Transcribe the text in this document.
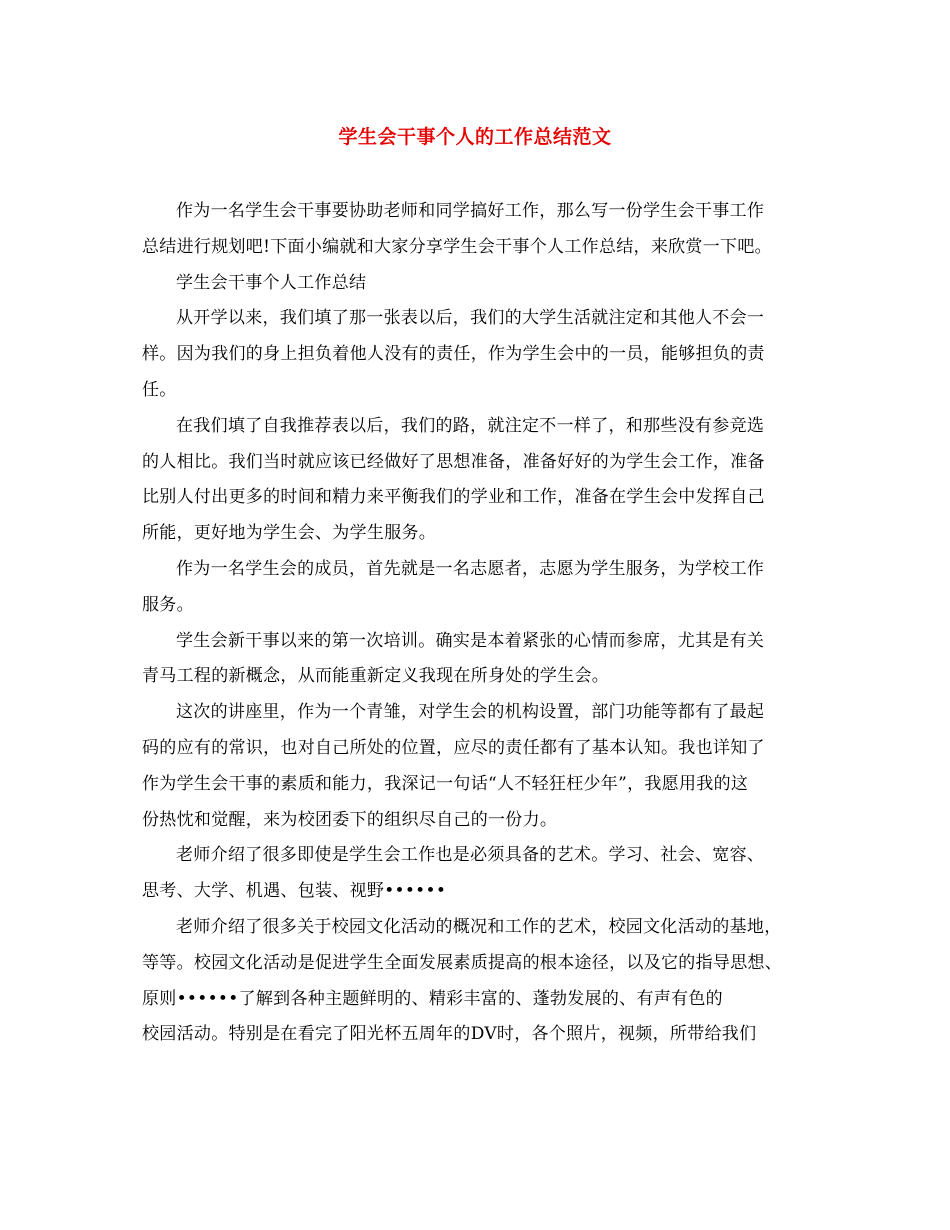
学生会干事个人的工作总结范文
作为一名学生会干事要协助老师和同学搞好工作，那么写一份学生会干事工作
总结进行规划吧!下面小编就和大家分享学生会干事个人工作总结，来欣赏一下吧。
学生会干事个人工作总结
从开学以来，我们填了那一张表以后，我们的大学生活就注定和其他人不会一
样。因为我们的身上担负着他人没有的责任，作为学生会中的一员，能够担负的责
任。
在我们填了自我推荐表以后，我们的路，就注定不一样了，和那些没有参竞选
的人相比。我们当时就应该已经做好了思想准备，准备好好的为学生会工作，准备
比别人付出更多的时间和精力来平衡我们的学业和工作，准备在学生会中发挥自己
所能，更好地为学生会、为学生服务。
作为一名学生会的成员，首先就是一名志愿者，志愿为学生服务，为学校工作
服务。
学生会新干事以来的第一次培训。确实是本着紧张的心情而参席，尤其是有关
青马工程的新概念，从而能重新定义我现在所身处的学生会。
这次的讲座里，作为一个青雏，对学生会的机构设置，部门功能等都有了最起
码的应有的常识，也对自己所处的位置，应尽的责任都有了基本认知。我也详知了
作为学生会干事的素质和能力，我深记一句话“人不轻狂枉少年”，我愿用我的这
份热忱和觉醒，来为校团委下的组织尽自己的一份力。
老师介绍了很多即使是学生会工作也是必须具备的艺术。学习、社会、宽容、
思考、大学、机遇、包装、视野••••••
老师介绍了很多关于校园文化活动的概况和工作的艺术，校园文化活动的基地，
等等。校园文化活动是促进学生全面发展素质提高的根本途径，以及它的指导思想、
原则••••••了解到各种主题鲜明的、精彩丰富的、蓬勃发展的、有声有色的
校园活动。特别是在看完了阳光杯五周年的DV时，各个照片，视频，所带给我们
